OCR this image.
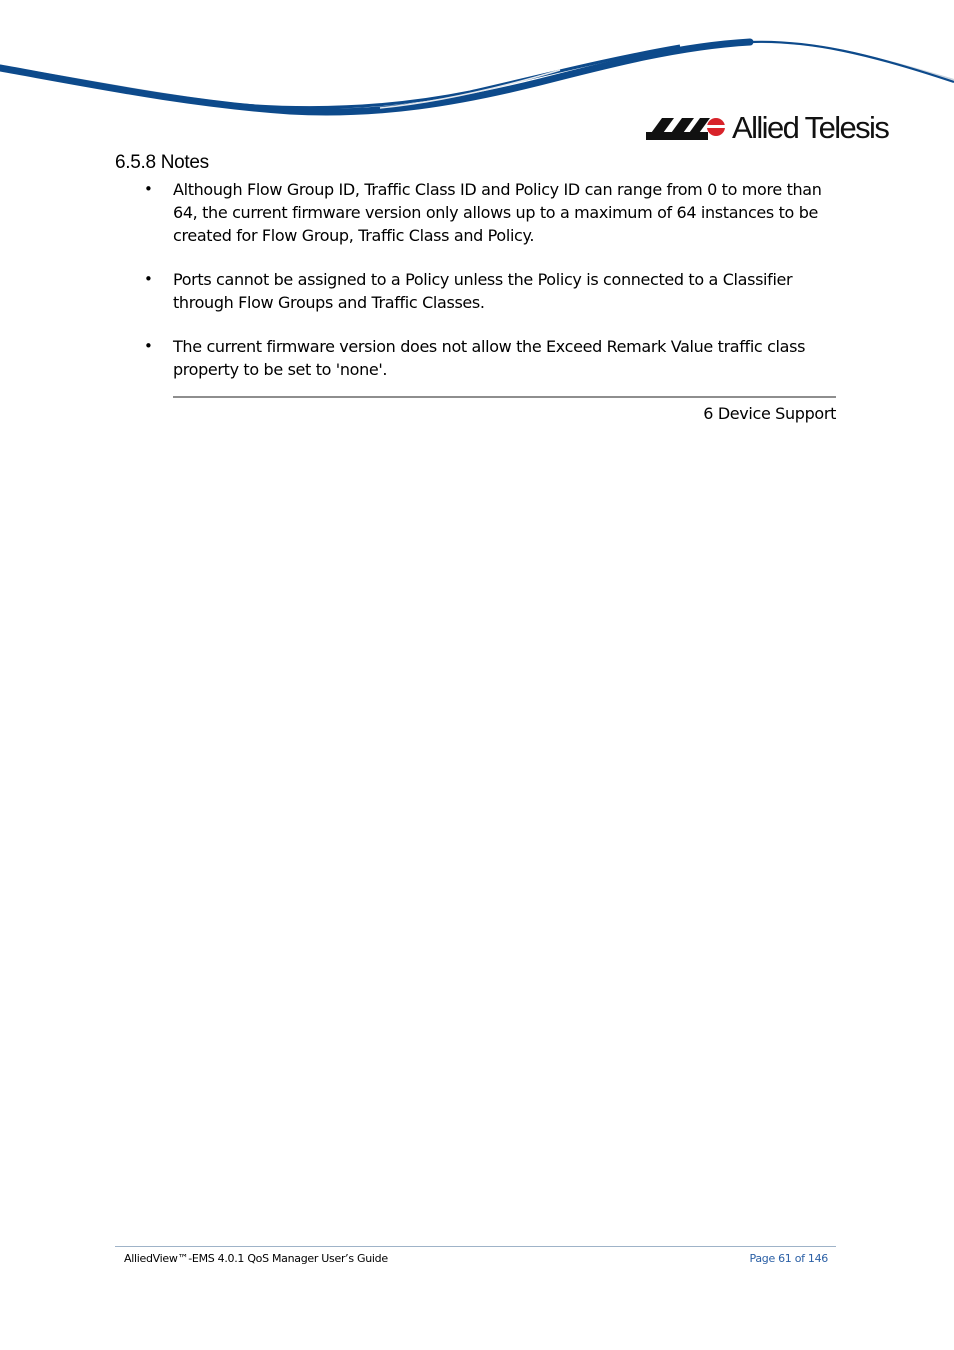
Allied Telesis
6.5.8 Notes
• Although Flow Group ID, Traffic Class ID and Policy ID can range from 0 to more than 64, the current firmware version only allows up to a maximum of 64 instances to be created for Flow Group, Traffic Class and Policy.
• Ports cannot be assigned to a Policy unless the Policy is connected to a Classifier through Flow Groups and Traffic Classes.
• The current firmware version does not allow the Exceed Remark Value traffic class property to be set to 'none'.
6 Device Support
AlliedView™-EMS 4.0.1 QoS Manager User’s Guide	Page 61 of 146
